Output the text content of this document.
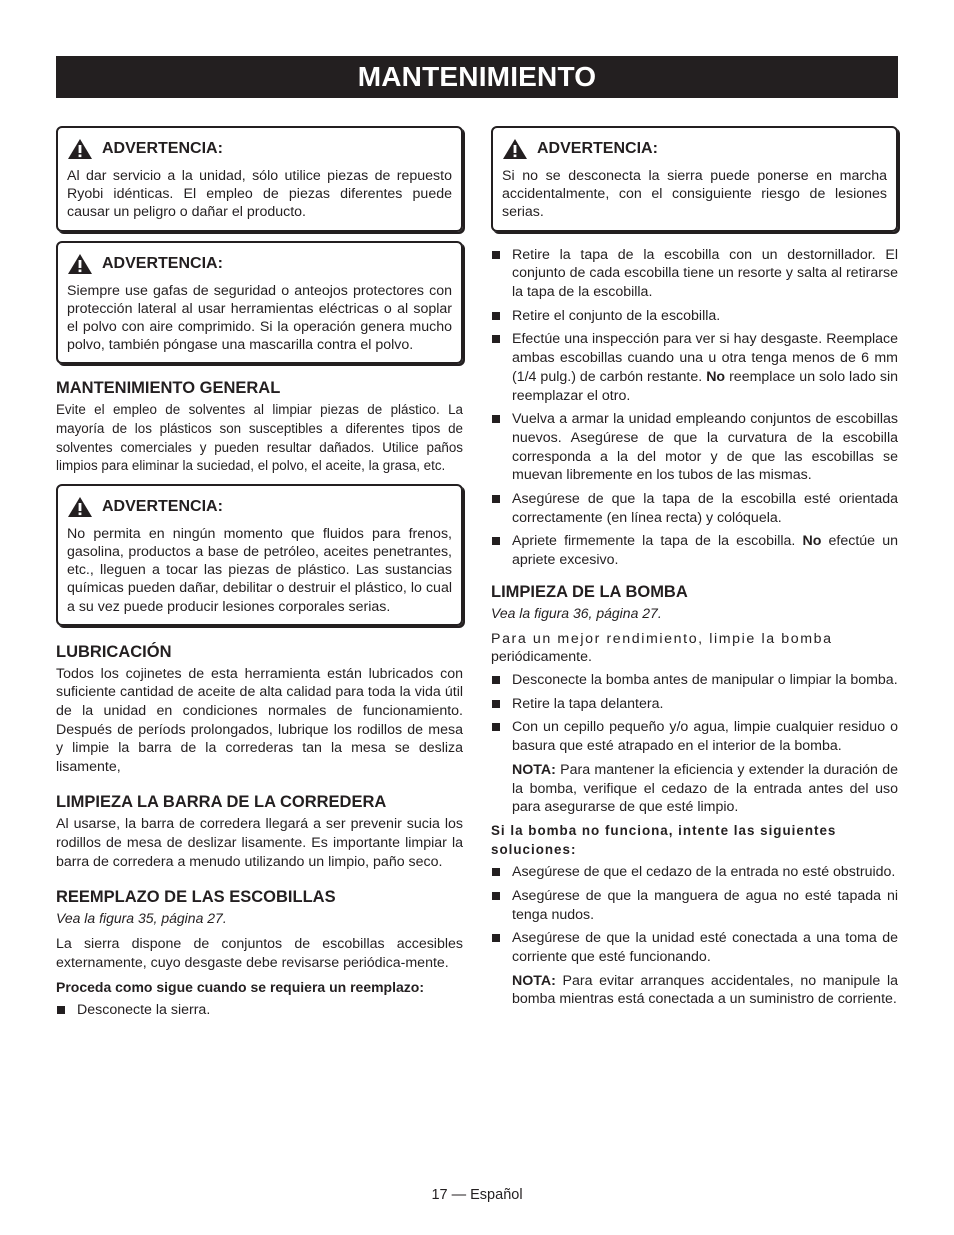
MANTENIMIENTO
ADVERTENCIA:
Al dar servicio a la unidad, sólo utilice piezas de repuesto Ryobi idénticas. El empleo de piezas diferentes puede causar un peligro o dañar el producto.
ADVERTENCIA:
Siempre use gafas de seguridad o anteojos protectores con protección lateral al usar herramientas eléctricas o al soplar el polvo con aire comprimido. Si la operación genera mucho polvo, también póngase una mascarilla contra el polvo.
MANTENIMIENTO GENERAL
Evite el empleo de solventes al limpiar piezas de plástico. La mayoría de los plásticos son susceptibles a diferentes tipos de solventes comerciales y pueden resultar dañados. Utilice paños limpios para eliminar la suciedad, el polvo, el aceite, la grasa, etc.
ADVERTENCIA:
No permita en ningún momento que fluidos para frenos, gasolina, productos a base de petróleo, aceites penetrantes, etc., lleguen a tocar las piezas de plástico. Las sustancias químicas pueden dañar, debilitar o destruir el plástico, lo cual a su vez puede producir lesiones corporales serias.
LUBRICACIÓN
Todos los cojinetes de esta herramienta están lubricados con suficiente cantidad de aceite de alta calidad para toda la vida útil de la unidad en condiciones normales de funcionamiento. Después de períods prolongados, lubrique los rodillos de mesa y limpie la barra de la correderas tan la mesa se desliza lisamente,
LIMPIEZA LA BARRA DE LA CORREDERA
Al usarse, la barra de corredera llegará a ser prevenir sucia los rodillos de mesa de deslizar lisamente. Es importante limpiar la barra de corredera a menudo utilizando un limpio, paño seco.
REEMPLAZO DE LAS ESCOBILLAS
Vea la figura 35, página 27.
La sierra dispone de conjuntos de escobillas accesibles externamente, cuyo desgaste debe revisarse periódica-mente.
Proceda como sigue cuando se requiera un reemplazo:
Desconecte la sierra.
ADVERTENCIA:
Si no se desconecta la sierra puede ponerse en marcha accidentalmente, con el consiguiente riesgo de lesiones serias.
Retire la tapa de la escobilla con un destornillador. El conjunto de cada escobilla tiene un resorte y salta al retirarse la tapa de la escobilla.
Retire el conjunto de la escobilla.
Efectúe una inspección para ver si hay desgaste. Reemplace ambas escobillas cuando una u otra tenga menos de 6 mm (1/4 pulg.) de carbón restante. No reemplace un solo lado sin reemplazar el otro.
Vuelva a armar la unidad empleando conjuntos de escobillas nuevos. Asegúrese de que la curvatura de la escobilla corresponda a la del motor y de que las escobillas se muevan libremente en los tubos de las mismas.
Asegúrese de que la tapa de la escobilla esté orientada correctamente (en línea recta) y colóquela.
Apriete firmemente la tapa de la escobilla. No efectúe un apriete excesivo.
LIMPIEZA DE LA BOMBA
Vea la figura 36, página 27.
Para un mejor rendimiento, limpie la bomba
periódicamente.
Desconecte la bomba antes de manipular o limpiar la bomba.
Retire la tapa delantera.
Con un cepillo pequeño y/o agua, limpie cualquier residuo o basura que esté atrapado en el interior de la bomba.
NOTA: Para mantener la eficiencia y extender la duración de la bomba, verifique el cedazo de la entrada antes del uso para asegurarse de que esté limpio.
Si la bomba no funciona, intente las siguientes soluciones:
Asegúrese de que el cedazo de la entrada no esté obstruido.
Asegúrese de que la manguera de agua no esté tapada ni tenga nudos.
Asegúrese de que la unidad esté conectada a una toma de corriente que esté funcionando.
NOTA: Para evitar arranques accidentales, no manipule la bomba mientras está conectada a un suministro de corriente.
17 — Español
